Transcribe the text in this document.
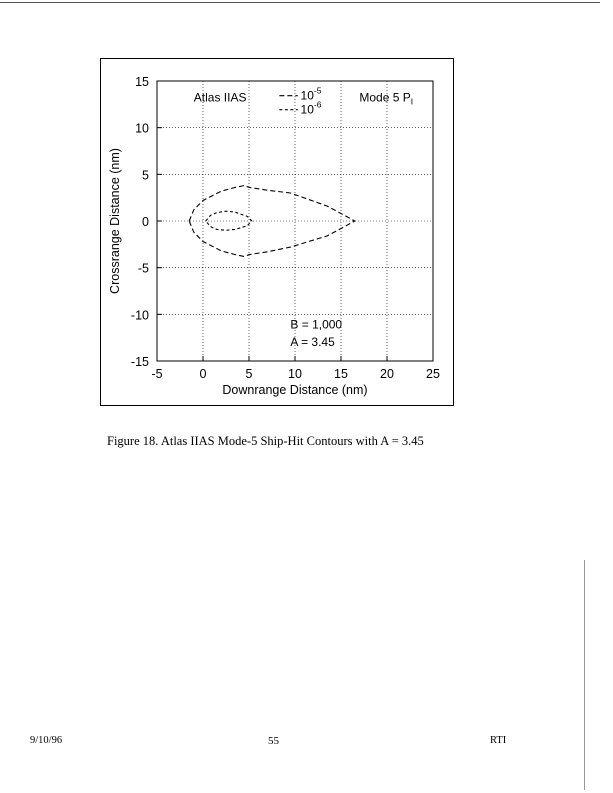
-5	0	5	10	15	20	25
15
10
5
0
-5
-10
-15
Downrange Distance (nm)
Crossrange Distance (nm)
Atlas IIAS	Mode 5 $P_I$
$10^{-5}$
$10^{-6}$
B = 1,000
A = 3.45
Figure 18. Atlas IIAS Mode-5 Ship-Hit Contours with A = 3.45
9/10/96	55	RTI
